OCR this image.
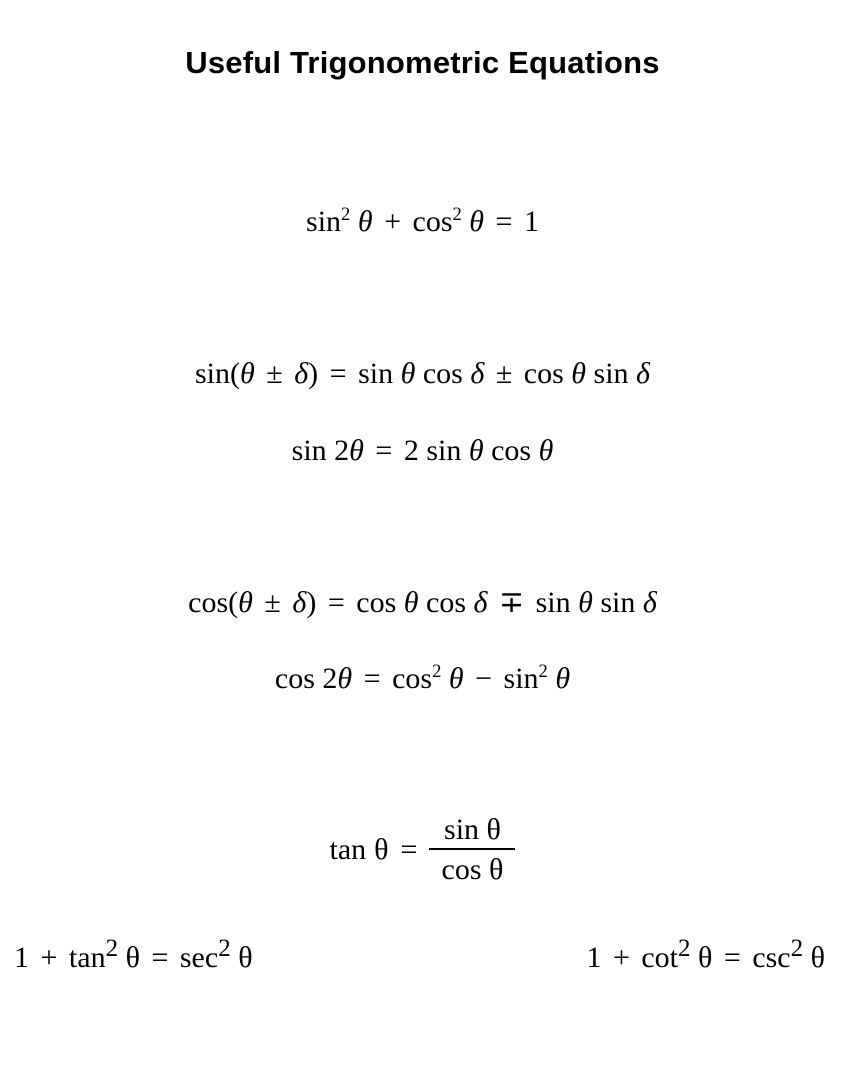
Useful Trigonometric Equations
$\sin^2 \theta + \cos^2 \theta = 1$
sin(θ ± δ) = sin θ cos δ ± cos θ sin δ
sin 2θ = 2 sin θ cos θ
cos(θ ± δ) = cos θ cos δ ∓ sin θ sin δ
$\cos 2\theta = \cos^2 \theta - \sin^2 \theta$
$\tan \theta = \frac{\text{sin θ}}{\text{cos θ}}$
$1 + \tan^2 \theta = \sec^2 \theta$	$1 + \cot^2 \theta = \csc^2 \theta$
